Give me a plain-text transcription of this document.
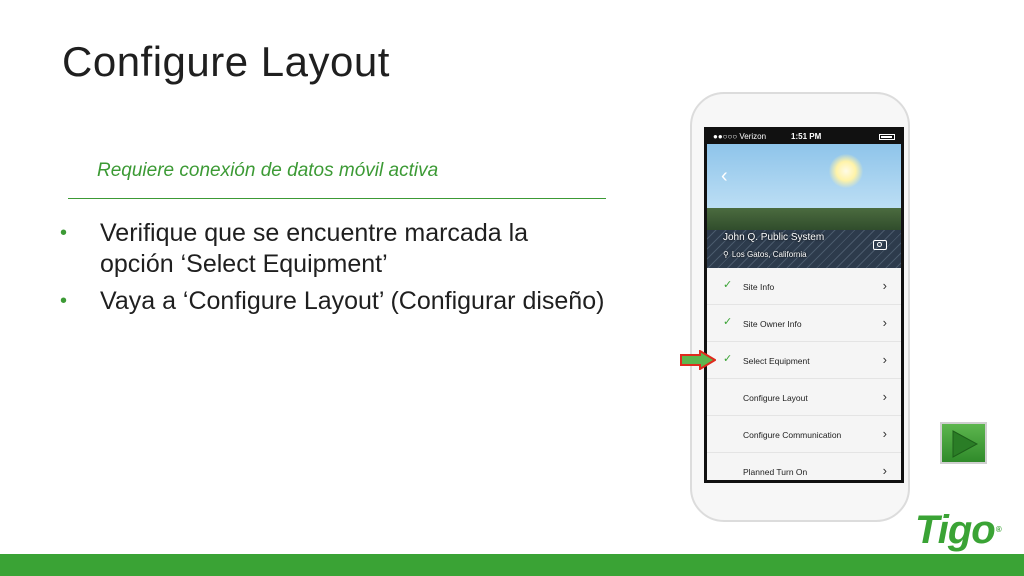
Configure Layout
Requiere conexión de datos móvil activa
• Verifique que se encuentre marcada la opción ‘Select Equipment’
• Vaya a ‘Configure Layout’ (Configurar diseño)
●●○○○ Verizon	1:51 PM
‹
John Q. Public System
⚲ Los Gatos, California
✓ Site Info	›
✓ Site Owner Info	›
✓ Select Equipment	›
Configure Layout	›
Configure Communication	›
Planned Turn On	›
Tigo®
